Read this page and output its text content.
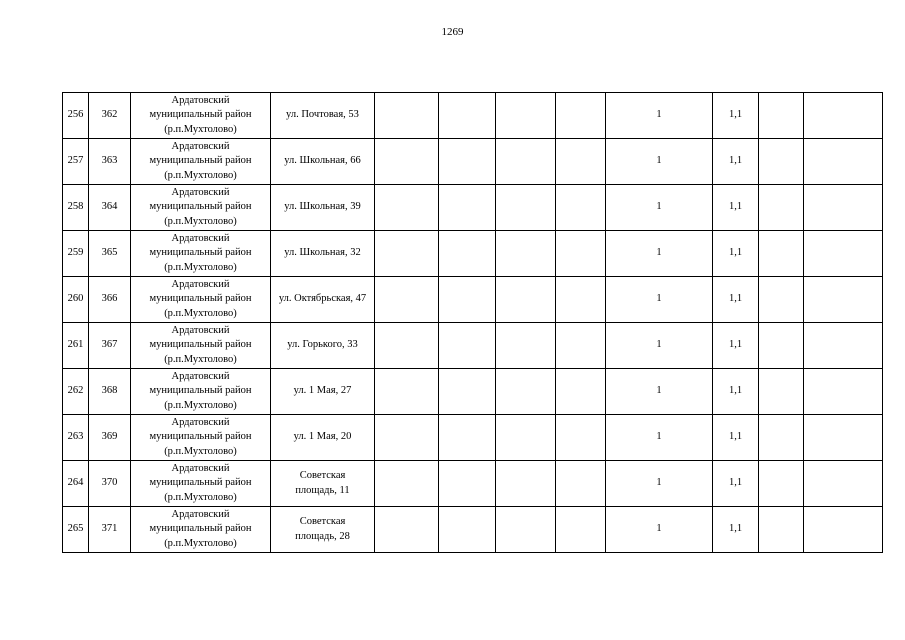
1269
256	362	Ардатовский
муниципальный район
(р.п.Мухтолово)	ул. Почтовая, 53					1	1,1		
257	363	Ардатовский
муниципальный район
(р.п.Мухтолово)	ул. Школьная, 66					1	1,1		
258	364	Ардатовский
муниципальный район
(р.п.Мухтолово)	ул. Школьная, 39					1	1,1		
259	365	Ардатовский
муниципальный район
(р.п.Мухтолово)	ул. Школьная, 32					1	1,1		
260	366	Ардатовский
муниципальный район
(р.п.Мухтолово)	ул. Октябрьская, 47					1	1,1		
261	367	Ардатовский
муниципальный район
(р.п.Мухтолово)	ул. Горького, 33					1	1,1		
262	368	Ардатовский
муниципальный район
(р.п.Мухтолово)	ул. 1 Мая, 27					1	1,1		
263	369	Ардатовский
муниципальный район
(р.п.Мухтолово)	ул. 1 Мая, 20					1	1,1		
264	370	Ардатовский
муниципальный район
(р.п.Мухтолово)	Советская
площадь, 11					1	1,1		
265	371	Ардатовский
муниципальный район
(р.п.Мухтолово)	Советская
площадь, 28					1	1,1		
